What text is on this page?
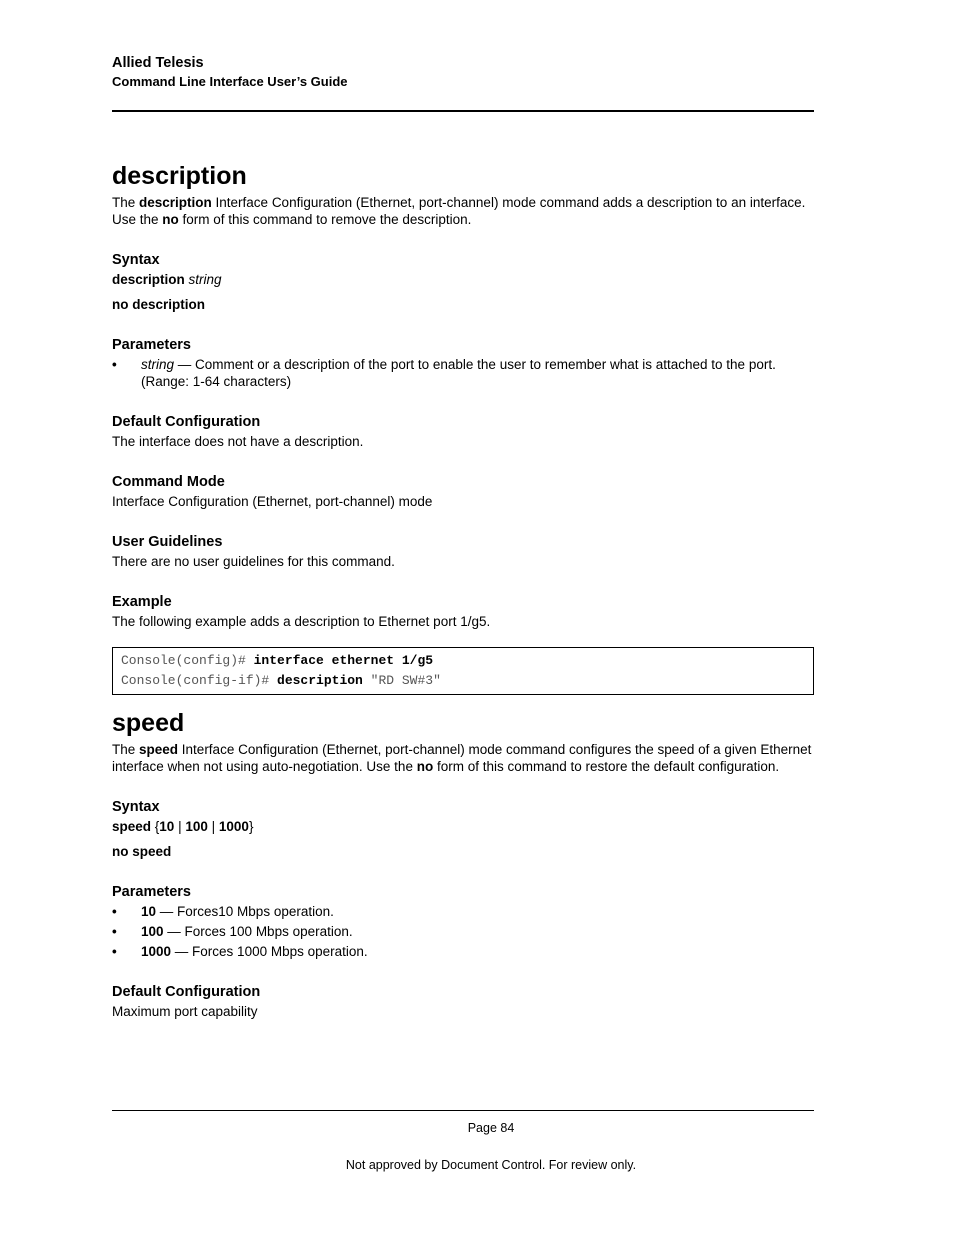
Allied Telesis
Command Line Interface User’s Guide
description

The description Interface Configuration (Ethernet, port-channel) mode command adds a description to an interface. Use the no form of this command to remove the description.

Syntax
description string
no description
Parameters
• string — Comment or a description of the port to enable the user to remember what is attached to the port. (Range: 1-64 characters)
Default Configuration

The interface does not have a description.

Command Mode

Interface Configuration (Ethernet, port-channel) mode

User Guidelines

There are no user guidelines for this command.

Example

The following example adds a description to Ethernet port 1/g5.

Console(config)# interface ethernet 1/g5
Console(config-if)# description "RD SW#3"
speed

The speed Interface Configuration (Ethernet, port-channel) mode command configures the speed of a given Ethernet interface when not using auto-negotiation. Use the no form of this command to restore the default configuration.

Syntax
speed {10 | 100 | 1000}
no speed
Parameters
• 10 — Forces10 Mbps operation.
• 100 — Forces 100 Mbps operation.
• 1000 — Forces 1000 Mbps operation.
Default Configuration

Maximum port capability

Page 84
Not approved by Document Control. For review only.
